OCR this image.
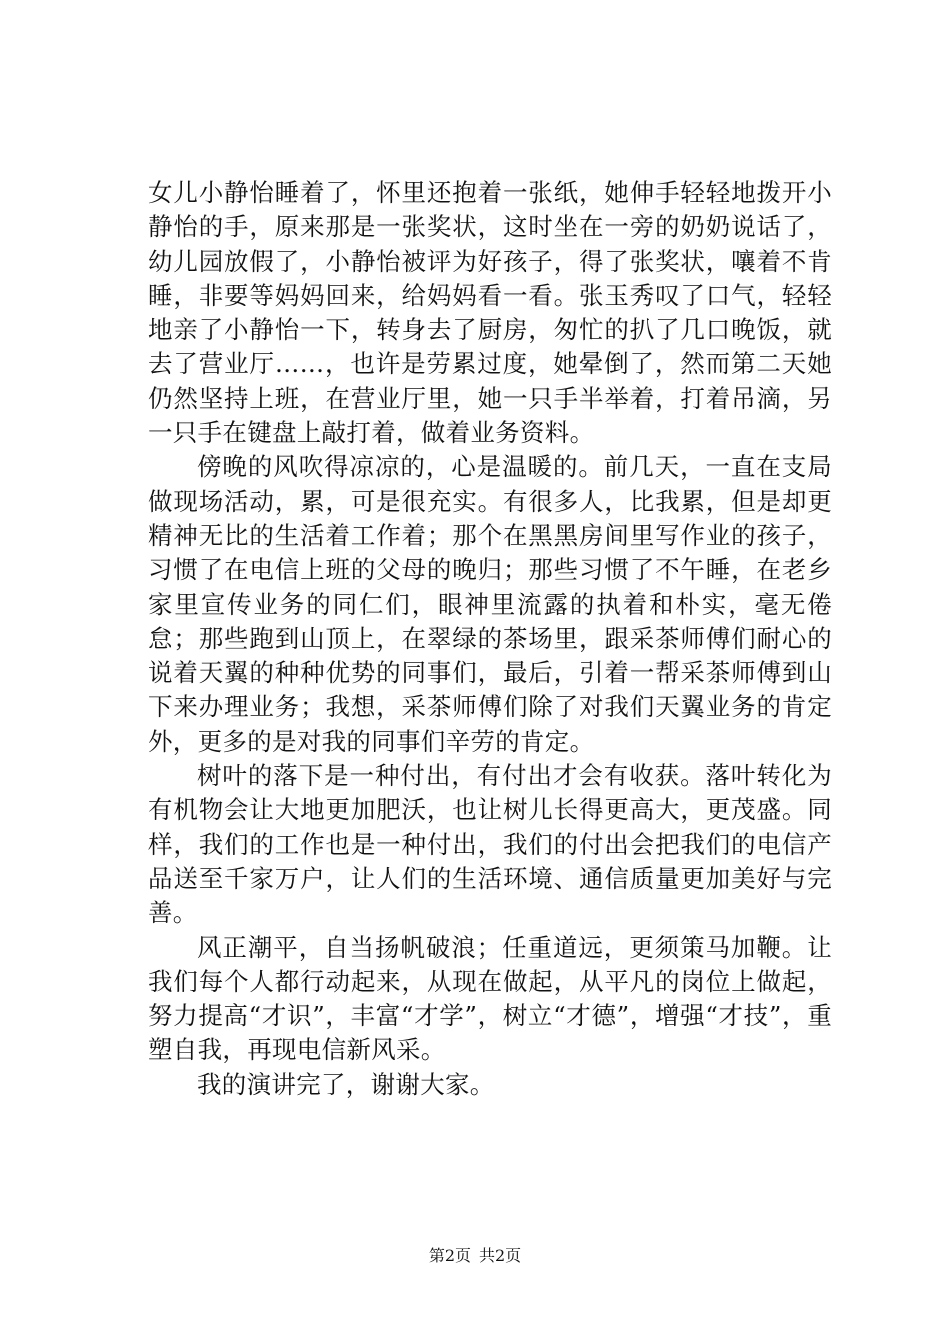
女儿小静怡睡着了，怀里还抱着一张纸，她伸手轻轻地拨开小静怡的手，原来那是一张奖状，这时坐在一旁的奶奶说话了，幼儿园放假了，小静怡被评为好孩子，得了张奖状，嚷着不肯睡，非要等妈妈回来，给妈妈看一看。张玉秀叹了口气，轻轻地亲了小静怡一下，转身去了厨房，匆忙的扒了几口晚饭，就去了营业厅……，也许是劳累过度，她晕倒了，然而第二天她仍然坚持上班，在营业厅里，她一只手半举着，打着吊滴，另一只手在键盘上敲打着，做着业务资料。

傍晚的风吹得凉凉的，心是温暖的。前几天，一直在支局做现场活动，累，可是很充实。有很多人，比我累，但是却更精神无比的生活着工作着；那个在黑黑房间里写作业的孩子，习惯了在电信上班的父母的晚归；那些习惯了不午睡，在老乡家里宣传业务的同仁们，眼神里流露的执着和朴实，毫无倦怠；那些跑到山顶上，在翠绿的茶场里，跟采茶师傅们耐心的说着天翼的种种优势的同事们，最后，引着一帮采茶师傅到山下来办理业务；我想，采茶师傅们除了对我们天翼业务的肯定外，更多的是对我的同事们辛劳的肯定。

树叶的落下是一种付出，有付出才会有收获。落叶转化为有机物会让大地更加肥沃，也让树儿长得更高大，更茂盛。同样，我们的工作也是一种付出，我们的付出会把我们的电信产品送至千家万户，让人们的生活环境、通信质量更加美好与完善。

风正潮平，自当扬帆破浪；任重道远，更须策马加鞭。让我们每个人都行动起来，从现在做起，从平凡的岗位上做起，努力提高“才识”，丰富“才学”，树立“才德”，增强“才技”，重塑自我，再现电信新风采。

我的演讲完了，谢谢大家。

第2页 共2页
